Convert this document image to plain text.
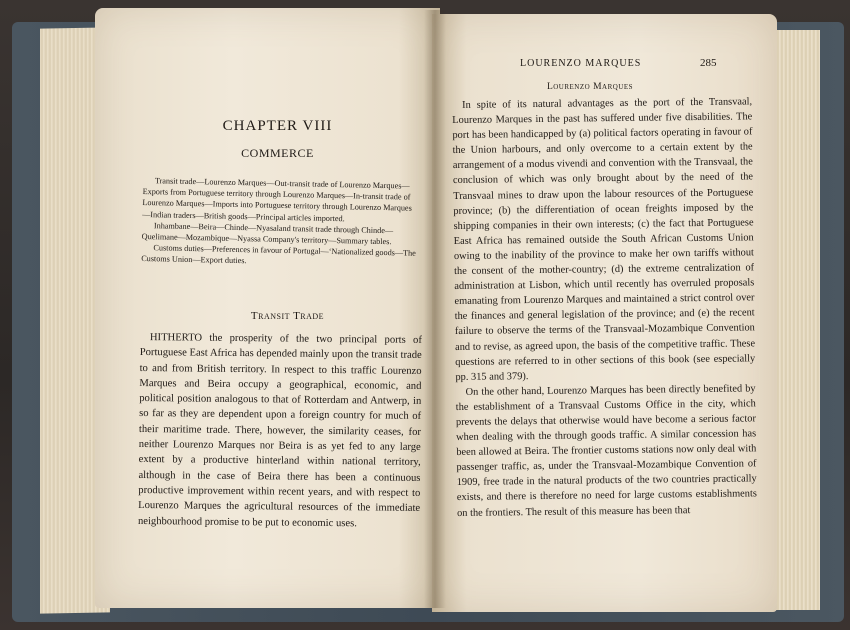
CHAPTER VIII
COMMERCE

Transit trade—Lourenzo Marques—Out-transit trade of Lourenzo Marques—Exports from Portuguese territory through Lourenzo Marques—In-transit trade of Lourenzo Marques—Imports into Portuguese territory through Lourenzo Marques—Indian traders—British goods—Principal articles imported.

Inhambane—Beira—Chinde—Nyasaland transit trade through Chinde—Quelimane—Mozambique—Nyassa Company's territory—Summary tables.

Customs duties—Preferences in favour of Portugal—‘Nationalized goods—The Customs Union—Export duties.

Transit Trade

HITHERTO the prosperity of the two principal ports of Portuguese East Africa has depended mainly upon the transit trade to and from British territory. In respect to this traffic Lourenzo Marques and Beira occupy a geographical, economic, and political position analogous to that of Rotterdam and Antwerp, in so far as they are dependent upon a foreign country for much of their maritime trade. There, however, the similarity ceases, for neither Lourenzo Marques nor Beira is as yet fed to any large extent by a productive hinterland within national territory, although in the case of Beira there has been a continuous productive improvement within recent years, and with respect to Lourenzo Marques the agricultural resources of the immediate neighbourhood promise to be put to economic uses.

LOURENZO MARQUES	285
Lourenzo Marques

In spite of its natural advantages as the port of the Transvaal, Lourenzo Marques in the past has suffered under five disabilities. The port has been handicapped by (a) political factors operating in favour of the Union harbours, and only overcome to a certain extent by the arrangement of a modus vivendi and convention with the Transvaal, the conclusion of which was only brought about by the need of the Transvaal mines to draw upon the labour resources of the Portuguese province; (b) the differentiation of ocean freights imposed by the shipping companies in their own interests; (c) the fact that Portuguese East Africa has remained outside the South African Customs Union owing to the inability of the province to make her own tariffs without the consent of the mother-country; (d) the extreme centralization of administration at Lisbon, which until recently has overruled proposals emanating from Lourenzo Marques and maintained a strict control over the finances and general legislation of the province; and (e) the recent failure to observe the terms of the Transvaal-Mozambique Convention and to revise, as agreed upon, the basis of the competitive traffic. These questions are referred to in other sections of this book (see especially pp. 315 and 379).

On the other hand, Lourenzo Marques has been directly benefited by the establishment of a Transvaal Customs Office in the city, which prevents the delays that otherwise would have become a serious factor when dealing with the through goods traffic. A similar concession has been allowed at Beira. The frontier customs stations now only deal with passenger traffic, as, under the Transvaal-Mozambique Convention of 1909, free trade in the natural products of the two countries practically exists, and there is therefore no need for large customs establishments on the frontiers. The result of this measure has been that
